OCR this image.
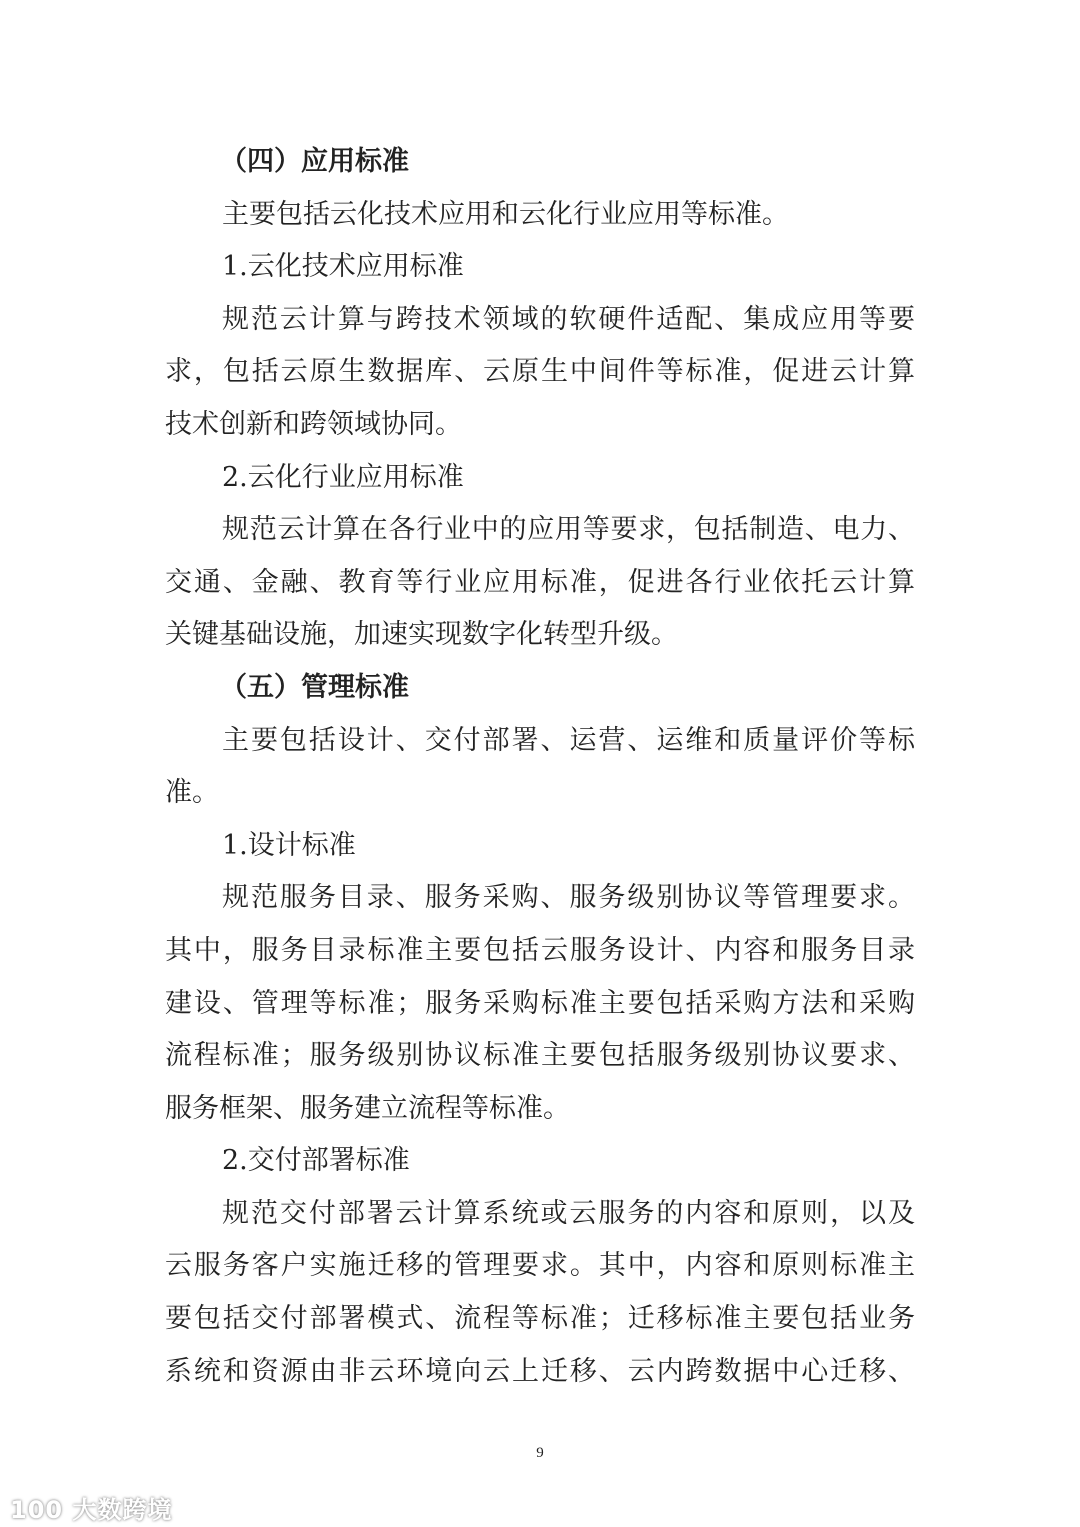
（四）应用标准
主要包括云化技术应用和云化行业应用等标准。
1.云化技术应用标准
规范云计算与跨技术领域的软硬件适配、集成应用等要
求，包括云原生数据库、云原生中间件等标准，促进云计算
技术创新和跨领域协同。
2.云化行业应用标准
规范云计算在各行业中的应用等要求，包括制造、电力、
交通、金融、教育等行业应用标准，促进各行业依托云计算
关键基础设施，加速实现数字化转型升级。
（五）管理标准
主要包括设计、交付部署、运营、运维和质量评价等标
准。
1.设计标准
规范服务目录、服务采购、服务级别协议等管理要求。
其中，服务目录标准主要包括云服务设计、内容和服务目录
建设、管理等标准；服务采购标准主要包括采购方法和采购
流程标准；服务级别协议标准主要包括服务级别协议要求、
服务框架、服务建立流程等标准。
2.交付部署标准
规范交付部署云计算系统或云服务的内容和原则，以及
云服务客户实施迁移的管理要求。其中，内容和原则标准主
要包括交付部署模式、流程等标准；迁移标准主要包括业务
系统和资源由非云环境向云上迁移、云内跨数据中心迁移、
9
100 大数跨境
